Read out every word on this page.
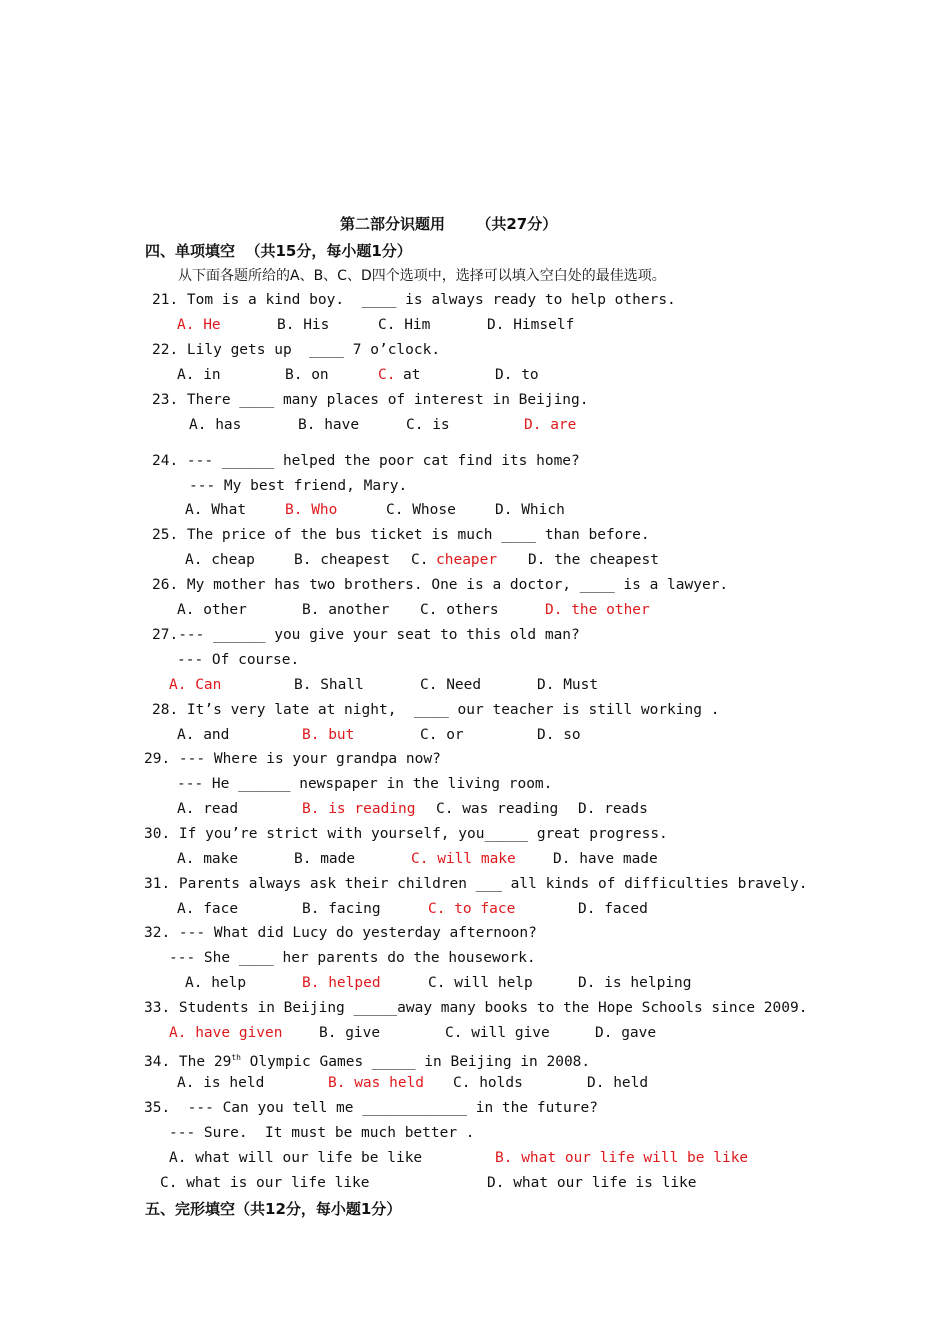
第二部分识题用      （共27分）
四、单项填空  （共15分，每小题1分）
从下面各题所给的A、B、C、D四个选项中，选择可以填入空白处的最佳选项。
21. Tom is a kind boy.  ____ is always ready to help others.
A. He	B. His	C. Him	D. Himself
22. Lily gets up  ____ 7 o’clock.
A. in	B. on	C. at	D. to
23. There ____ many places of interest in Beijing.
A. has	B. have	C. is	D. are
24. --- ______ helped the poor cat find its home?
--- My best friend, Mary.
A. What	B. Who	C. Whose	D. Which
25. The price of the bus ticket is much ____ than before.
A. cheap	B. cheapest C. cheaper D. the cheapest
26. My mother has two brothers. One is a doctor, ____ is a lawyer.
A. other	B. another C. others	D. the other
27.--- ______ you give your seat to this old man?
--- Of course.
A. Can	B. Shall	C. Need	D. Must
28. It’s very late at night,  ____ our teacher is still working .
A. and	B. but	C. or	D. so
29. --- Where is your grandpa now?
--- He ______ newspaper in the living room.
A. read	B. is reading C. was reading D. reads
30. If you’re strict with yourself, you_____ great progress.
A. make	B. made	C. will make	D. have made
31. Parents always ask their children ___ all kinds of difficulties bravely.
A. face	B. facing	C. to face	D. faced
32. --- What did Lucy do yesterday afternoon?
--- She ____ her parents do the housework.
A. help	B. helped	C. will help	D. is helping
33. Students in Beijing _____away many books to the Hope Schools since 2009.
A. have given	B. give	C. will give	D. gave
34. The 29th Olympic Games _____ in Beijing in 2008.
A. is held	B. was held C. holds	D. held
35.  --- Can you tell me ____________ in the future?
--- Sure.  It must be much better .
A. what will our life be like	B. what our life will be like
C. what is our life like	D. what our life is like
五、完形填空（共12分，每小题1分）
